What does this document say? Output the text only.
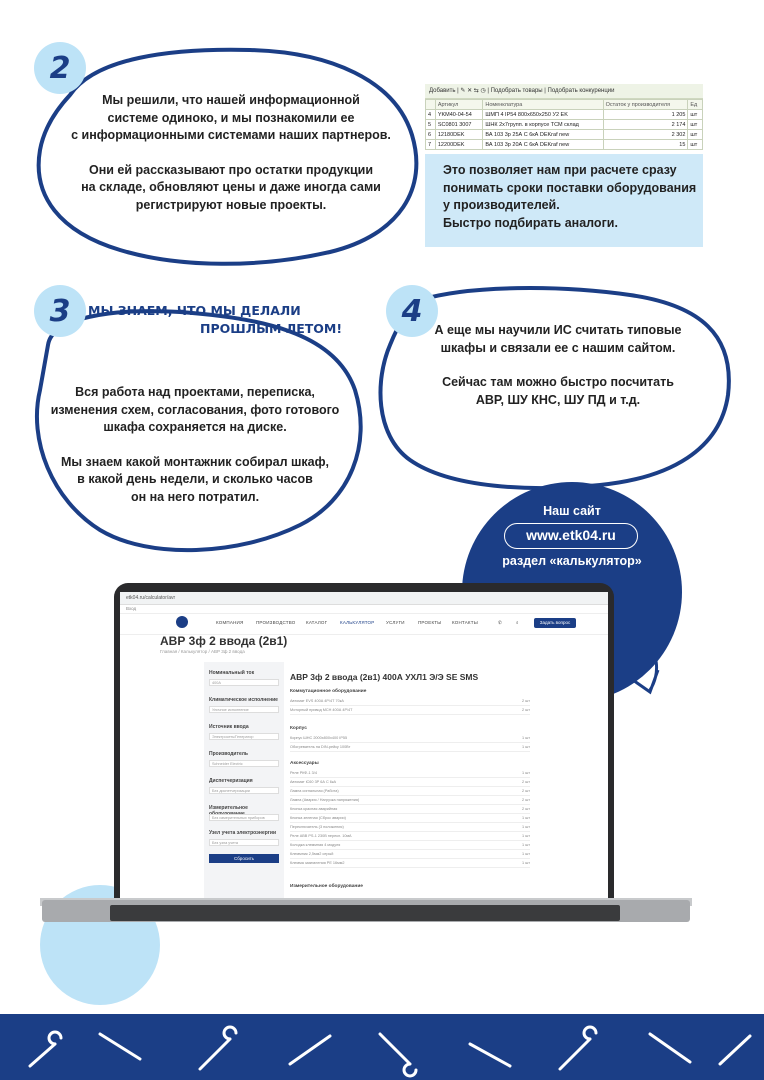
2
Мы решили, что нашей информационной
системе одиноко, и мы познакомили ее
с информационными системами наших партнеров.
Они ей рассказывают про остатки продукции
на складе, обновляют цены и даже иногда сами
регистрируют новые проекты.
Добавить | ✎ ✕ ⇆ ◷ | Подобрать товары | Подобрать конкуренции
	Артикул	Номенклатура	Остаток у производителя	Ед
4	YKM40-04-54	ШМП 4 IP54 800х650х250 У2 EK	1 205	шт
5	SC0801 3007	ШНК 2х7групп. в корпусе ТСМ склад	2 174	шт
6	12180DEK	ВА 103 3р 25А С 6кА DEKraf new	2 302	шт
7	12200DEK	ВА 103 3р 20А С 6кА DEKraf new	15	шт

Это позволяет нам при расчете сразу
понимать сроки поставки оборудования
у производителей.
Быстро подбирать аналоги.

3 МЫ ЗНАЕМ, ЧТО МЫ ДЕЛАЛИ
ПРОШЛЫМ ЛЕТОМ!
Вся работа над проектами, переписка,
изменения схем, согласования, фото готового
шкафа сохраняется на диске.
Мы знаем какой монтажник собирал шкаф,
в какой день недели, и сколько часов
он на него потратил.
4
А еще мы научили ИС считать типовые
шкафы и связали ее с нашим сайтом.
Сейчас там можно быстро посчитать
АВР, ШУ КНС, ШУ ПД и т.д.
Наш сайт
www.etk04.ru
раздел «калькулятор»
etk04.ru/calculator/avr
Вход
КОМПАНИЯ	ПРОИЗВОДСТВО КАТАЛОГ	КАЛЬКУЛЯТОР	УСЛУГИ	ПРОЕКТЫ КОНТАКТЫ	✆	⌕	Задать вопрос
АВР 3ф 2 ввода (2в1)
Главная / Калькулятор / АВР 3ф 2 ввода
Номинальный ток
400А
Климатическое исполнение
Уличное исполнение
Источник ввода
Электросеть/Генератор
Производитель
Schneider Electric
Диспетчеризация
Без диспетчеризации
Измерительное
Без измерительных приборов
Узел учета электроэнергии
Без узла учета
Сбросить
АВР 3ф 2 ввода (2в1) 400А УХЛ1 Э/Э SE SMS
Коммутационное оборудование
Автомат EVS 400А 4Р/4Т 70кА	2 шт
Моторный привод MCH 400А 4Р/4Т	2 шт
Корпус
Корпус ШНС 2000х800х400 IP55	1 шт
Обогреватель на DIN-рейку 100Вт	1 шт
Аксессуары
Реле РКФ-1 3/4	1 шт
Автомат iC60 3Р 6А С 6кА	2 шт
Лампа сигнальная (Работа)	2 шт
Лампа (Авария / Нагрузка напряжения)	2 шт
Кнопка красная аварийная	2 шт
Кнопка зеленая (Сброс аварии)	1 шт
Переключатель (3 положения)	1 шт
Реле ABB PS-1 230В перекл. 10мА	1 шт
Колодка клеммная 4 модуля	1 шт
Клеммник 2,5мм2 серый	1 шт
Клемма заземления PE 16мм2	1 шт
Измерительное оборудование
